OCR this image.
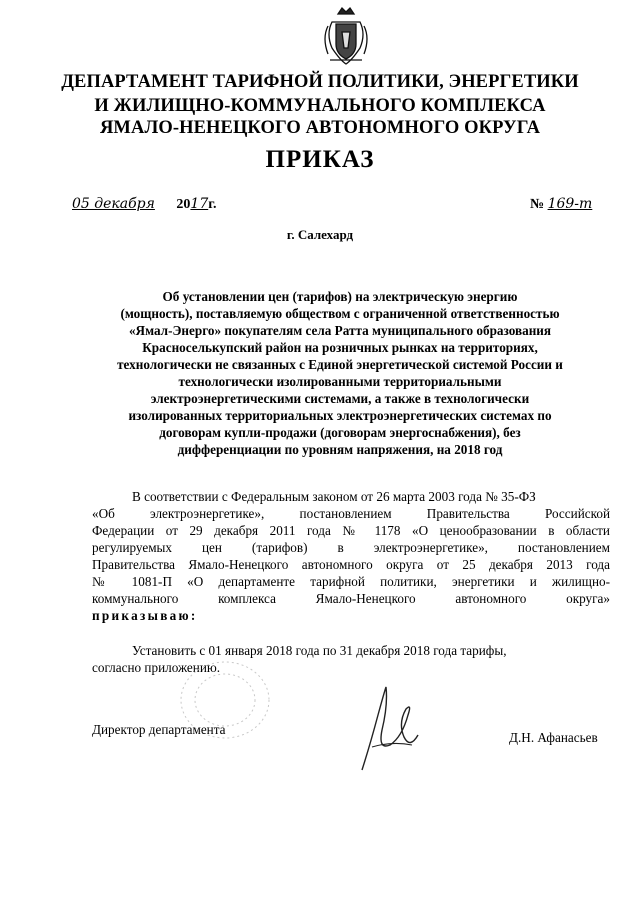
ДЕПАРТАМЕНТ ТАРИФНОЙ ПОЛИТИКИ, ЭНЕРГЕТИКИ
И ЖИЛИЩНО-КОММУНАЛЬНОГО КОМПЛЕКСА
ЯМАЛО-НЕНЕЦКОГО АВТОНОМНОГО ОКРУГА
ПРИКАЗ
05 декабря 2017г.	№ 169-т
г. Салехард
Об установлении цен (тарифов) на электрическую энергию
(мощность), поставляемую обществом с ограниченной ответственностью
«Ямал-Энерго» покупателям села Ратта муниципального образования
Красноселькупский район на розничных рынках на территориях,
технологически не связанных с Единой энергетической системой России и
технологически изолированными территориальными
электроэнергетическими системами, а также в технологически
изолированных территориальных электроэнергетических системах по
договорам купли-продажи (договорам энергоснабжения), без
дифференциации по уровням напряжения, на 2018 год
В соответствии с Федеральным законом от 26 марта 2003 года № 35-ФЗ
«Об электроэнергетике», постановлением Правительства Российской
Федерации от 29 декабря 2011 года № 1178 «О ценообразовании в области
регулируемых цен (тарифов) в электроэнергетике», постановлением
Правительства Ямало-Ненецкого автономного округа от 25 декабря 2013 года
№ 1081-П «О департаменте тарифной политики, энергетики и жилищно-
коммунального комплекса Ямало-Ненецкого автономного округа»
приказываю:
Установить с 01 января 2018 года по 31 декабря 2018 года тарифы,
согласно приложению.
Директор департамента
Д.Н. Афанасьев
